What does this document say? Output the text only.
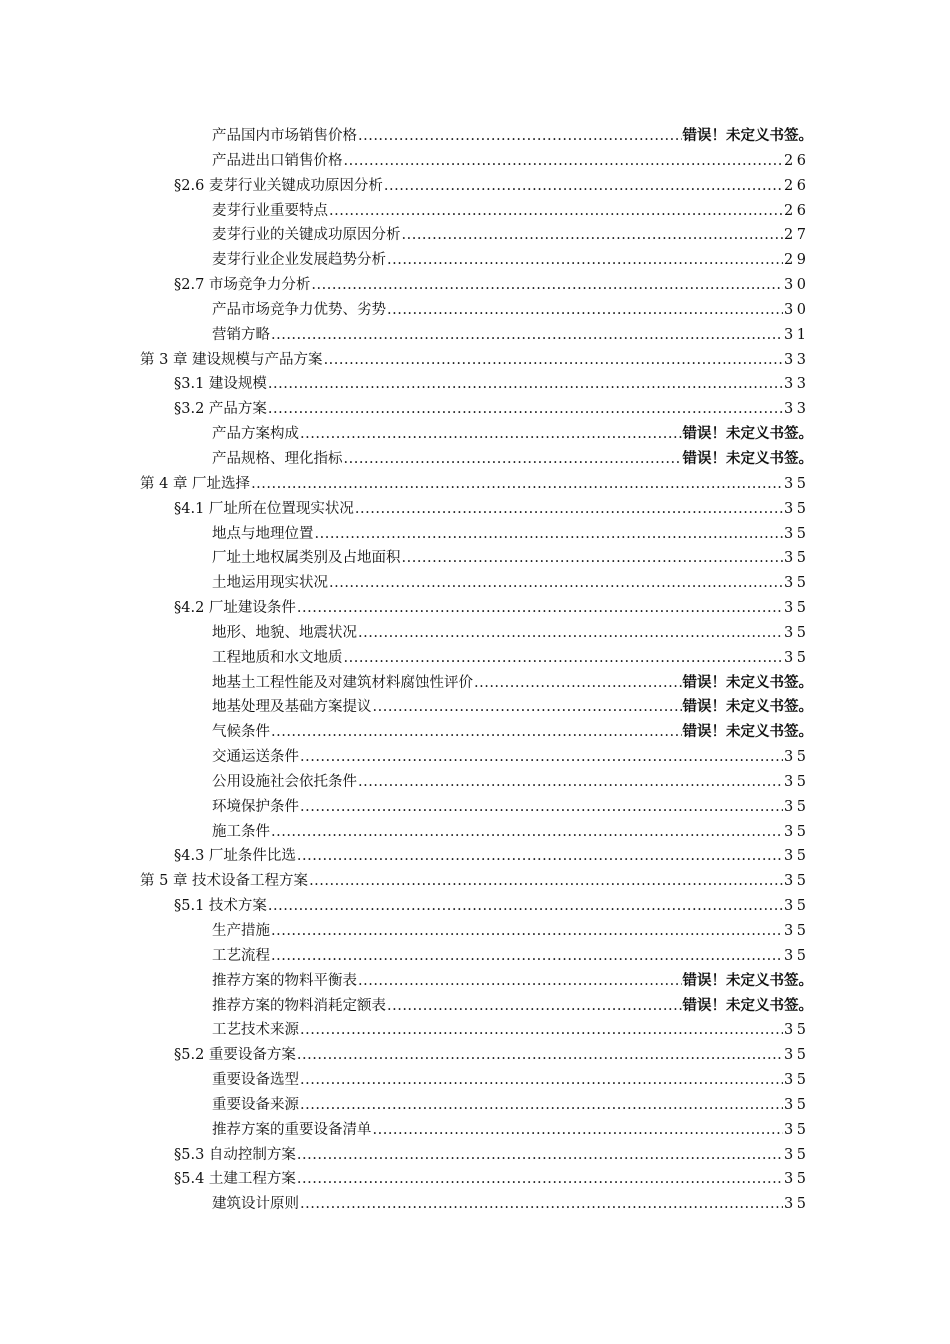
产品国内市场销售价格 .....	错误！未定义书签。
产品进出口销售价格 .....	26
§2.6 麦芽行业关键成功原因分析 .....	26
麦芽行业重要特点 .....	26
麦芽行业的关键成功原因分析 .....	27
麦芽行业企业发展趋势分析 .....	29
§2.7 市场竞争力分析 .....	30
产品市场竞争力优势、劣势 .....	30
营销方略 .....	31
第 3 章 建设规模与产品方案 .....	33
§3.1 建设规模 .....	33
§3.2 产品方案 .....	33
产品方案构成 .....	错误！未定义书签。
产品规格、理化指标 .....	错误！未定义书签。
第 4 章 厂址选择 .....	35
§4.1 厂址所在位置现实状况 .....	35
地点与地理位置 .....	35
厂址土地权属类别及占地面积 .....	35
土地运用现实状况 .....	35
§4.2 厂址建设条件 .....	35
地形、地貌、地震状况 .....	35
工程地质和水文地质 .....	35
地基土工程性能及对建筑材料腐蚀性评价 .....	错误！未定义书签。
地基处理及基础方案提议 .....	错误！未定义书签。
气候条件 .....	错误！未定义书签。
交通运送条件 .....	35
公用设施社会依托条件 .....	35
环境保护条件 .....	35
施工条件 .....	35
§4.3 厂址条件比选 .....	35
第 5 章 技术设备工程方案 .....	35
§5.1 技术方案 .....	35
生产措施 .....	35
工艺流程 .....	35
推荐方案的物料平衡表 .....	错误！未定义书签。
推荐方案的物料消耗定额表 .....	错误！未定义书签。
工艺技术来源 .....	35
§5.2 重要设备方案 .....	35
重要设备选型 .....	35
重要设备来源 .....	35
推荐方案的重要设备清单 .....	35
§5.3 自动控制方案 .....	35
§5.4 土建工程方案 .....	35
建筑设计原则 .....	35
